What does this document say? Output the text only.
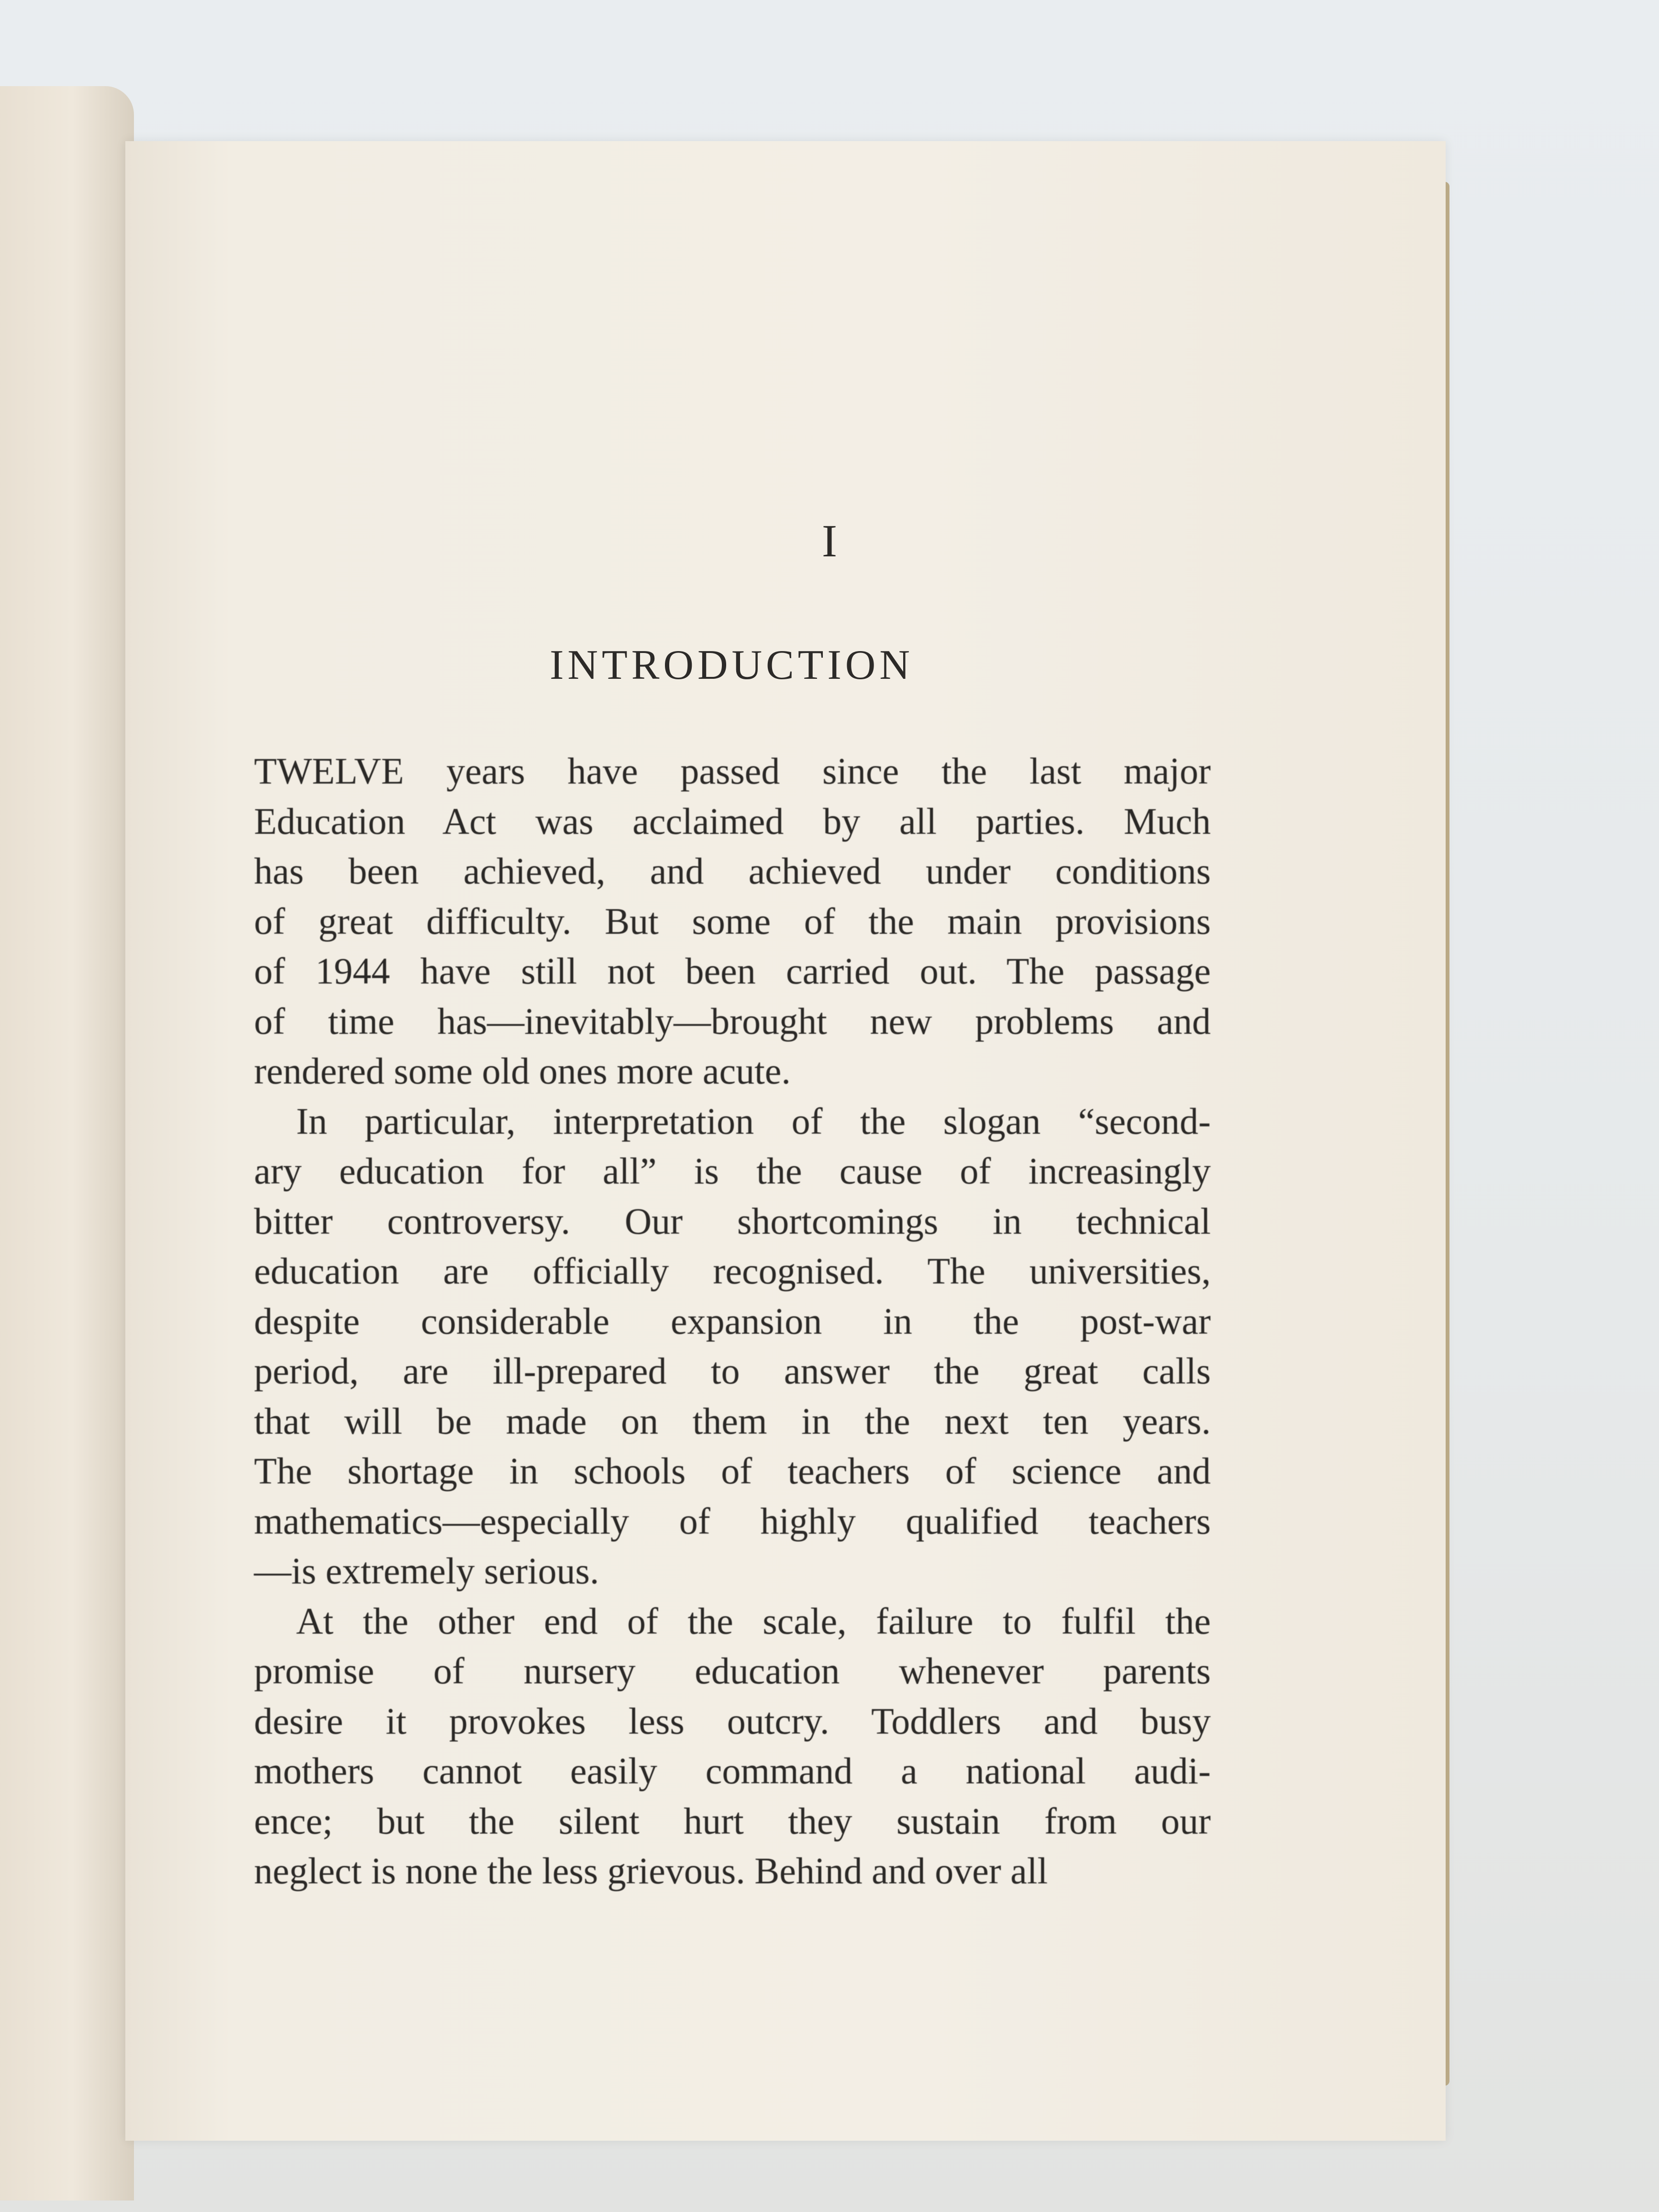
I
INTRODUCTION
TWELVE years have passed since the last major
Education Act was acclaimed by all parties. Much
has been achieved, and achieved under conditions
of great difficulty. But some of the main provisions
of 1944 have still not been carried out. The passage
of time has—inevitably—brought new problems and
rendered some old ones more acute.
In particular, interpretation of the slogan “second-
ary education for all” is the cause of increasingly
bitter controversy. Our shortcomings in technical
education are officially recognised. The universities,
despite considerable expansion in the post-war
period, are ill-prepared to answer the great calls
that will be made on them in the next ten years.
The shortage in schools of teachers of science and
mathematics—especially of highly qualified teachers
—is extremely serious.
At the other end of the scale, failure to fulfil the
promise of nursery education whenever parents
desire it provokes less outcry. Toddlers and busy
mothers cannot easily command a national audi-
ence; but the silent hurt they sustain from our
neglect is none the less grievous. Behind and over all
